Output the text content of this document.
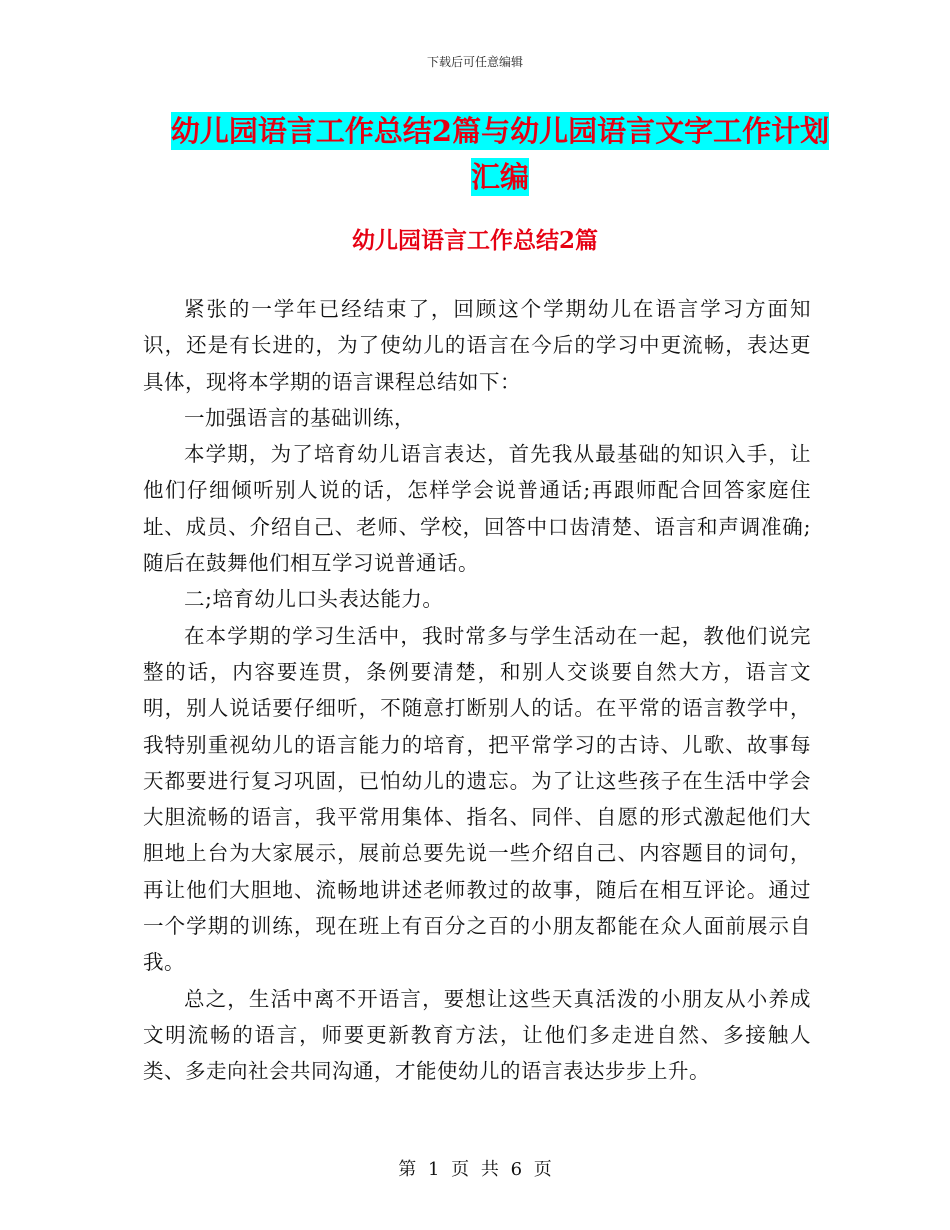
下载后可任意编辑
幼儿园语言工作总结2篇与幼儿园语言文字工作计划
汇编
幼儿园语言工作总结2篇

紧张的一学年已经结束了，回顾这个学期幼儿在语言学习方面知识，还是有长进的，为了使幼儿的语言在今后的学习中更流畅，表达更具体，现将本学期的语言课程总结如下：

一加强语言的基础训练，

本学期，为了培育幼儿语言表达，首先我从最基础的知识入手，让他们仔细倾听别人说的话，怎样学会说普通话;再跟师配合回答家庭住址、成员、介绍自己、老师、学校，回答中口齿清楚、语言和声调准确;随后在鼓舞他们相互学习说普通话。

二;培育幼儿口头表达能力。

在本学期的学习生活中，我时常多与学生活动在一起，教他们说完整的话，内容要连贯，条例要清楚，和别人交谈要自然大方，语言文明，别人说话要仔细听，不随意打断别人的话。在平常的语言教学中，我特别重视幼儿的语言能力的培育，把平常学习的古诗、儿歌、故事每天都要进行复习巩固，已怕幼儿的遗忘。为了让这些孩子在生活中学会大胆流畅的语言，我平常用集体、指名、同伴、自愿的形式激起他们大胆地上台为大家展示，展前总要先说一些介绍自己、内容题目的词句，再让他们大胆地、流畅地讲述老师教过的故事，随后在相互评论。通过一个学期的训练，现在班上有百分之百的小朋友都能在众人面前展示自我。

总之，生活中离不开语言，要想让这些天真活泼的小朋友从小养成文明流畅的语言，师要更新教育方法，让他们多走进自然、多接触人类、多走向社会共同沟通，才能使幼儿的语言表达步步上升。

第 1 页 共 6 页
